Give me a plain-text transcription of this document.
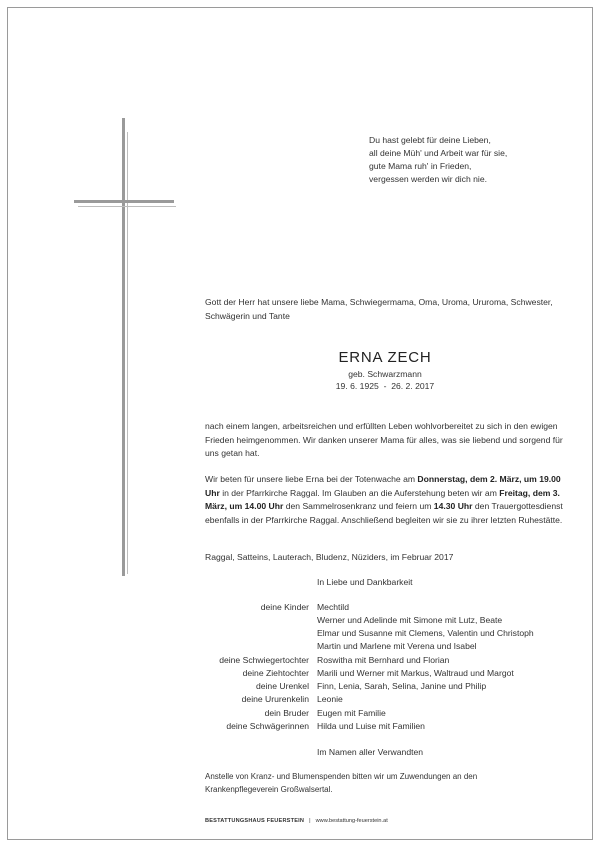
Du hast gelebt für deine Lieben,
all deine Müh' und Arbeit war für sie,
gute Mama ruh' in Frieden,
vergessen werden wir dich nie.
Gott der Herr hat unsere liebe Mama, Schwiegermama, Oma, Uroma, Ururoma, Schwester, Schwägerin und Tante
ERNA ZECH
geb. Schwarzmann
19. 6. 1925  -  26. 2. 2017
nach einem langen, arbeitsreichen und erfüllten Leben wohlvorbereitet zu sich in den ewigen Frieden heimgenommen. Wir danken unserer Mama für alles, was sie liebend und sorgend für uns getan hat.
Wir beten für unsere liebe Erna bei der Totenwache am Donnerstag, dem 2. März, um 19.00 Uhr in der Pfarrkirche Raggal. Im Glauben an die Auferstehung beten wir am Freitag, dem 3. März, um 14.00 Uhr den Sammelrosenkranz und feiern um 14.30 Uhr den Trauergottesdienst ebenfalls in der Pfarrkirche Raggal. Anschließend begleiten wir sie zu ihrer letzten Ruhestätte.
Raggal, Satteins, Lauterach, Bludenz, Nüziders, im Februar 2017
In Liebe und Dankbarkeit
deine Kinder Mechtild
Werner und Adelinde mit Simone mit Lutz, Beate
Elmar und Susanne mit Clemens, Valentin und Christoph
Martin und Marlene mit Verena und Isabel
deine Schwiegertochter Roswitha mit Bernhard und Florian
deine Ziehtochter Marili und Werner mit Markus, Waltraud und Margot
deine Urenkel Finn, Lenia, Sarah, Selina, Janine und Philip
deine Ururenkelin Leonie
dein Bruder Eugen mit Familie
deine Schwägerinnen Hilda und Luise mit Familien
Im Namen aller Verwandten
Anstelle von Kranz- und Blumenspenden bitten wir um Zuwendungen an den Krankenpflegeverein Großwalsertal.
BESTATTUNGSHAUS FEUERSTEIN | www.bestattung-feuerstein.at
